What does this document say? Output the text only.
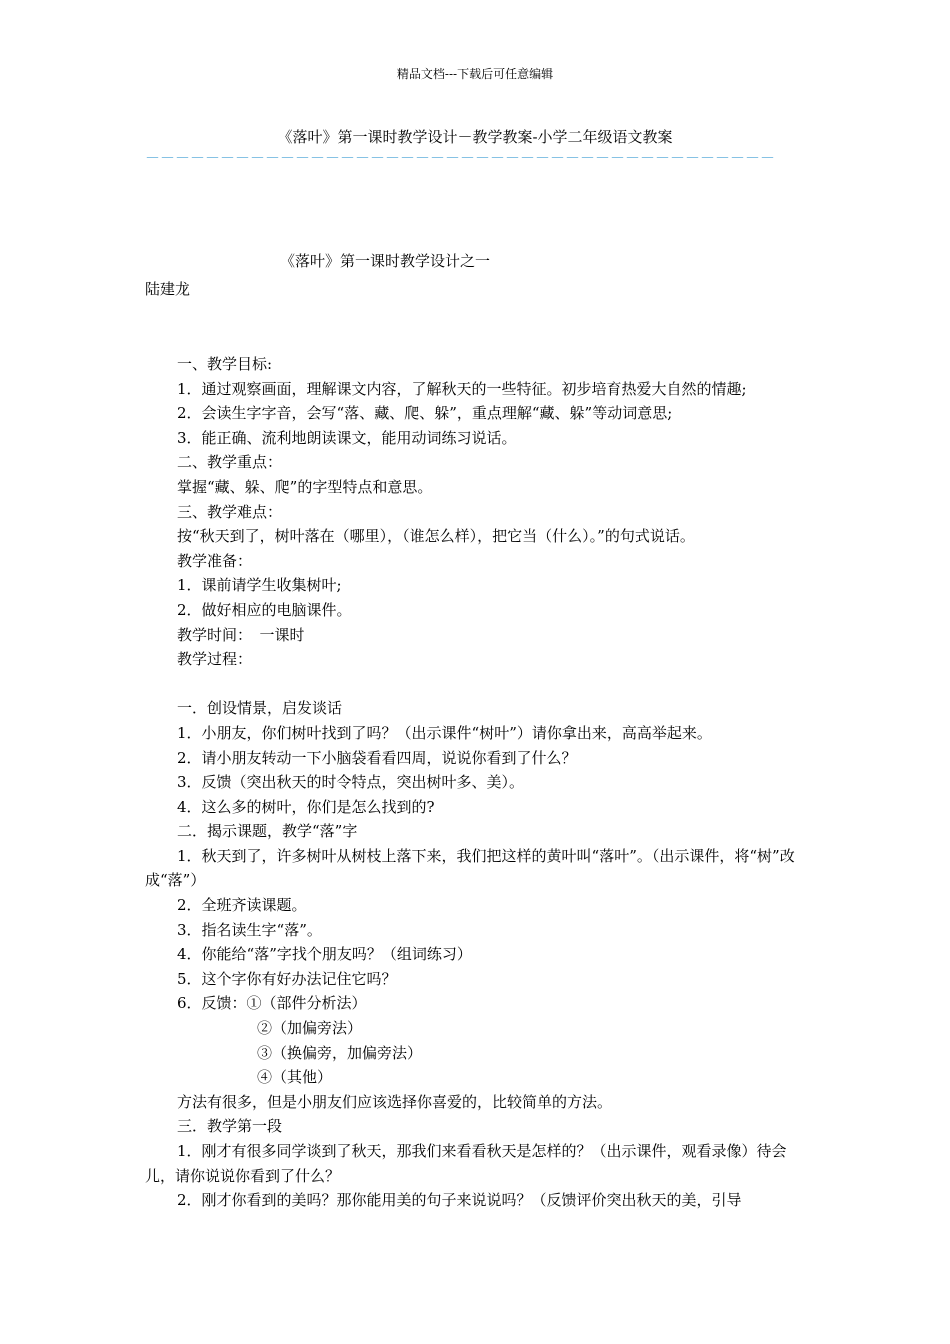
精品文档---下载后可任意编辑
《落叶》第一课时教学设计－教学教案-小学二年级语文教案
－－－－－－－－－－－－－－－－－－－－－－－－－－－－－－－－－－－－－－－－－－
《落叶》第一课时教学设计之一
陆建龙
一、教学目标:
1．通过观察画面，理解课文内容，了解秋天的一些特征。初步培育热爱大自然的情趣;
2．会读生字字音，会写“落、藏、爬、躲”，重点理解“藏、躲”等动词意思;
3．能正确、流利地朗读课文，能用动词练习说话。
二、教学重点：
掌握“藏、躲、爬”的字型特点和意思。
三、教学难点：
按“秋天到了，树叶落在（哪里），（谁怎么样），把它当（什么）。”的句式说话。
教学准备：
1．课前请学生收集树叶;
2．做好相应的电脑课件。
教学时间：　一课时
教学过程：
一．创设情景，启发谈话
1．小朋友，你们树叶找到了吗？（出示课件“树叶”）请你拿出来，高高举起来。
2．请小朋友转动一下小脑袋看看四周，说说你看到了什么？
3．反馈（突出秋天的时令特点，突出树叶多、美）。
4．这么多的树叶，你们是怎么找到的?
二．揭示课题，教学“落”字
1．秋天到了，许多树叶从树枝上落下来，我们把这样的黄叶叫“落叶”。（出示课件，将“树”改成“落”）
2．全班齐读课题。
3．指名读生字“落”。
4．你能给“落”字找个朋友吗？（组词练习）
5．这个字你有好办法记住它吗？
6．反馈：①（部件分析法）
②（加偏旁法）
③（换偏旁，加偏旁法）
④（其他）
方法有很多，但是小朋友们应该选择你喜爱的，比较简单的方法。
三．教学第一段
1．刚才有很多同学谈到了秋天，那我们来看看秋天是怎样的？（出示课件，观看录像）待会儿，请你说说你看到了什么？
2．刚才你看到的美吗？那你能用美的句子来说说吗？（反馈评价突出秋天的美，引导
